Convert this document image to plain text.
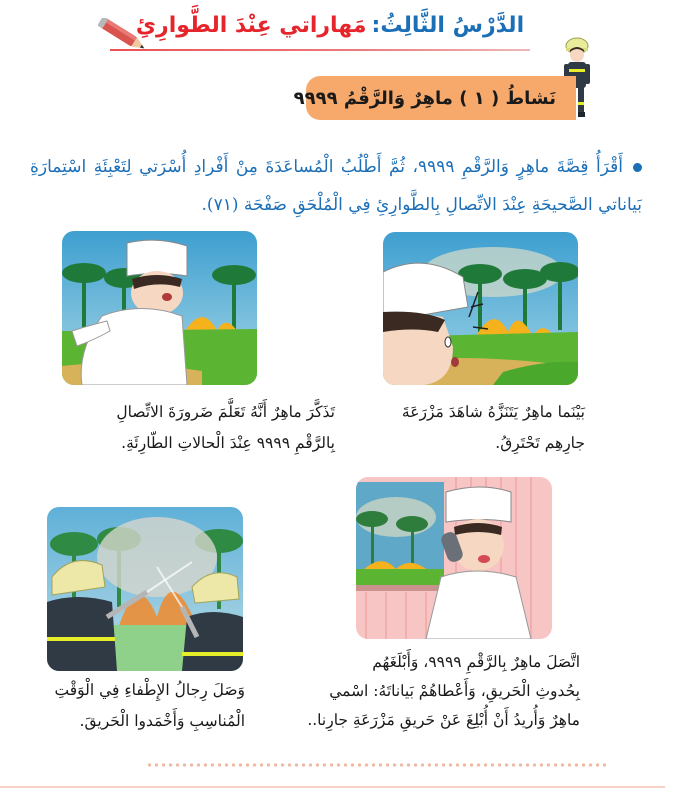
الدَّرْسُ الثَّالِثُ: مَهاراتي عِنْدَ الطَّوارِئِ
نَشاطُ ( ١ ) ماهِرٌ وَالرَّقْمُ ٩٩٩٩
أَقْرَأُ قِصَّةَ ماهِرٍ وَالرَّقْمِ ٩٩٩٩، ثُمَّ أَطْلُبُ الْمُساعَدَةَ مِنْ أَفْرادِ أُسْرَتي لِتَعْبِئَةِ اسْتِمارَةِ بَياناتي الصَّحيحَةِ عِنْدَ الاتِّصالِ بِالطَّوارِئِ فِي الْمُلْحَقِ صَفْحَة (٧١).
بَيْنَما ماهِرٌ يَتَنَزَّهُ شاهَدَ مَزْرَعَةَ
جارِهِم تَحْتَرِقُ.
تَذَكَّرَ ماهِرٌ أَنَّهُ تَعَلَّمَ ضَرورَةَ الاتِّصالِ
بِالرَّقْمِ ٩٩٩٩ عِنْدَ الْحالاتِ الطّارِئَةِ.
اتَّصَلَ ماهِرٌ بِالرَّقْمِ ٩٩٩٩، وَأَبْلَغَهُم
بِحُدوثِ الْحَريقِ، وَأَعْطاهُمْ بَياناتَهُ: اسْمي
ماهِرٌ وَأُريدُ أَنْ أُبْلِغَ عَنْ حَريقِ مَزْرَعَةِ جارِنا..
وَصَلَ رِجالُ الإِطْفاءِ فِي الْوَقْتِ
الْمُناسِبِ وَأَخْمَدوا الْحَريقَ.
